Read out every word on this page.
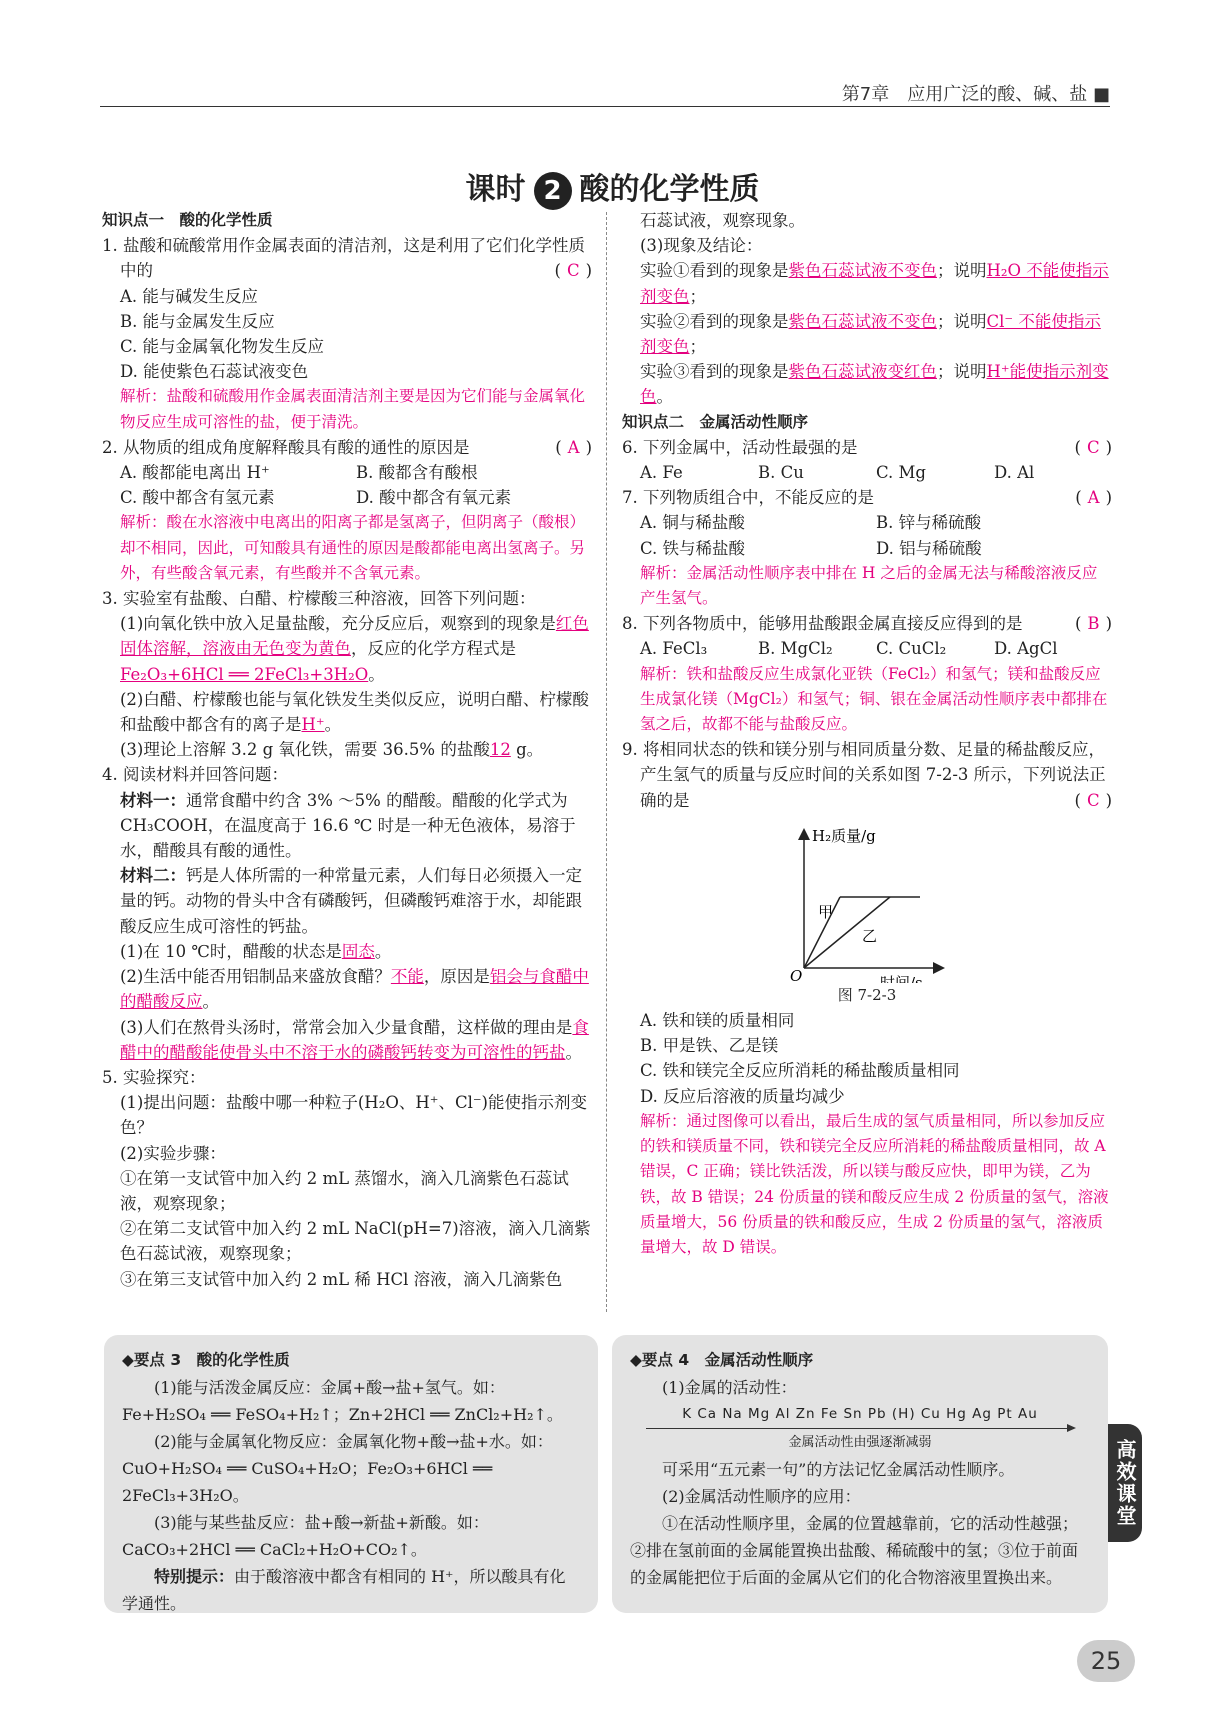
第7章　应用广泛的酸、碱、盐 ■
课时 2 酸的化学性质
知识点一　酸的化学性质
1. 盐酸和硫酸常用作金属表面的清洁剂，这是利用了它们化学性质中的	( C )
A. 能与碱发生反应
B. 能与金属发生反应
C. 能与金属氧化物发生反应
D. 能使紫色石蕊试液变色
解析：盐酸和硫酸用作金属表面清洁剂主要是因为它们能与金属氧化物反应生成可溶性的盐，便于清洗。
2. 从物质的组成角度解释酸具有酸的通性的原因是	( A )
A. 酸都能电离出 H⁺	B. 酸都含有酸根
C. 酸中都含有氢元素	D. 酸中都含有氧元素
解析：酸在水溶液中电离出的阳离子都是氢离子，但阴离子（酸根）却不相同，因此，可知酸具有通性的原因是酸都能电离出氢离子。另外，有些酸含氧元素，有些酸并不含氧元素。
3. 实验室有盐酸、白醋、柠檬酸三种溶液，回答下列问题：
(1)向氧化铁中放入足量盐酸，充分反应后，观察到的现象是红色固体溶解，溶液由无色变为黄色，反应的化学方程式是Fe₂O₃+6HCl ══ 2FeCl₃+3H₂O。
(2)白醋、柠檬酸也能与氧化铁发生类似反应，说明白醋、柠檬酸和盐酸中都含有的离子是H⁺。
(3)理论上溶解 3.2 g 氧化铁，需要 36.5% 的盐酸12 g。
4. 阅读材料并回答问题：
材料一：通常食醋中约含 3% ～5% 的醋酸。醋酸的化学式为 CH₃COOH，在温度高于 16.6 ℃ 时是一种无色液体，易溶于水，醋酸具有酸的通性。
材料二：钙是人体所需的一种常量元素，人们每日必须摄入一定量的钙。动物的骨头中含有磷酸钙，但磷酸钙难溶于水，却能跟酸反应生成可溶性的钙盐。
(1)在 10 ℃时，醋酸的状态是固态。
(2)生活中能否用铝制品来盛放食醋？不能，原因是铝会与食醋中的醋酸反应。
(3)人们在熬骨头汤时，常常会加入少量食醋，这样做的理由是食醋中的醋酸能使骨头中不溶于水的磷酸钙转变为可溶性的钙盐。
5. 实验探究：
(1)提出问题：盐酸中哪一种粒子(H₂O、H⁺、Cl⁻)能使指示剂变色？
(2)实验步骤：
①在第一支试管中加入约 2 mL 蒸馏水，滴入几滴紫色石蕊试液，观察现象；
②在第二支试管中加入约 2 mL NaCl(pH=7)溶液，滴入几滴紫色石蕊试液，观察现象；
③在第三支试管中加入约 2 mL 稀 HCl 溶液，滴入几滴紫色
石蕊试液，观察现象。
(3)现象及结论：
实验①看到的现象是紫色石蕊试液不变色；说明H₂O 不能使指示剂变色；
实验②看到的现象是紫色石蕊试液不变色；说明Cl⁻ 不能使指示剂变色；
实验③看到的现象是紫色石蕊试液变红色；说明H⁺能使指示剂变色。
知识点二　金属活动性顺序
6. 下列金属中，活动性最强的是	( C )
A. Fe	B. Cu	C. Mg	D. Al
7. 下列物质组合中，不能反应的是	( A )
A. 铜与稀盐酸	B. 锌与稀硫酸
C. 铁与稀盐酸	D. 铝与稀硫酸
解析：金属活动性顺序表中排在 H 之后的金属无法与稀酸溶液反应产生氢气。
8. 下列各物质中，能够用盐酸跟金属直接反应得到的是	( B )
A. FeCl₃	B. MgCl₂	C. CuCl₂	D. AgCl
解析：铁和盐酸反应生成氯化亚铁（FeCl₂）和氢气；镁和盐酸反应生成氯化镁（MgCl₂）和氢气；铜、银在金属活动性顺序表中都排在氢之后，故都不能与盐酸反应。
9. 将相同状态的铁和镁分别与相同质量分数、足量的稀盐酸反应，产生氢气的质量与反应时间的关系如图 7-2-3 所示，下列说法正确的是	( C )
H₂质量/g
时间/s
O
甲
乙
图 7-2-3
A. 铁和镁的质量相同
B. 甲是铁、乙是镁
C. 铁和镁完全反应所消耗的稀盐酸质量相同
D. 反应后溶液的质量均减少
解析：通过图像可以看出，最后生成的氢气质量相同，所以参加反应的铁和镁质量不同，铁和镁完全反应所消耗的稀盐酸质量相同，故 A 错误，C 正确；镁比铁活泼，所以镁与酸反应快，即甲为镁，乙为铁，故 B 错误；24 份质量的镁和酸反应生成 2 份质量的氢气，溶液质量增大，56 份质量的铁和酸反应，生成 2 份质量的氢气，溶液质量增大，故 D 错误。
◆要点 3　酸的化学性质
(1)能与活泼金属反应：金属+酸→盐+氢气。如：Fe+H₂SO₄ ══ FeSO₄+H₂↑；Zn+2HCl ══ ZnCl₂+H₂↑。
(2)能与金属氧化物反应：金属氧化物+酸→盐+水。如：CuO+H₂SO₄ ══ CuSO₄+H₂O；Fe₂O₃+6HCl ══ 2FeCl₃+3H₂O。
(3)能与某些盐反应：盐+酸→新盐+新酸。如：CaCO₃+2HCl ══ CaCl₂+H₂O+CO₂↑。
特别提示：由于酸溶液中都含有相同的 H⁺，所以酸具有化学通性。
◆要点 4　金属活动性顺序
(1)金属的活动性：
K Ca Na Mg Al Zn Fe Sn Pb (H) Cu Hg Ag Pt Au
金属活动性由强逐渐减弱
可采用“五元素一句”的方法记忆金属活动性顺序。
(2)金属活动性顺序的应用：
①在活动性顺序里，金属的位置越靠前，它的活动性越强；②排在氢前面的金属能置换出盐酸、稀硫酸中的氢；③位于前面的金属能把位于后面的金属从它们的化合物溶液里置换出来。
高效课堂
25
